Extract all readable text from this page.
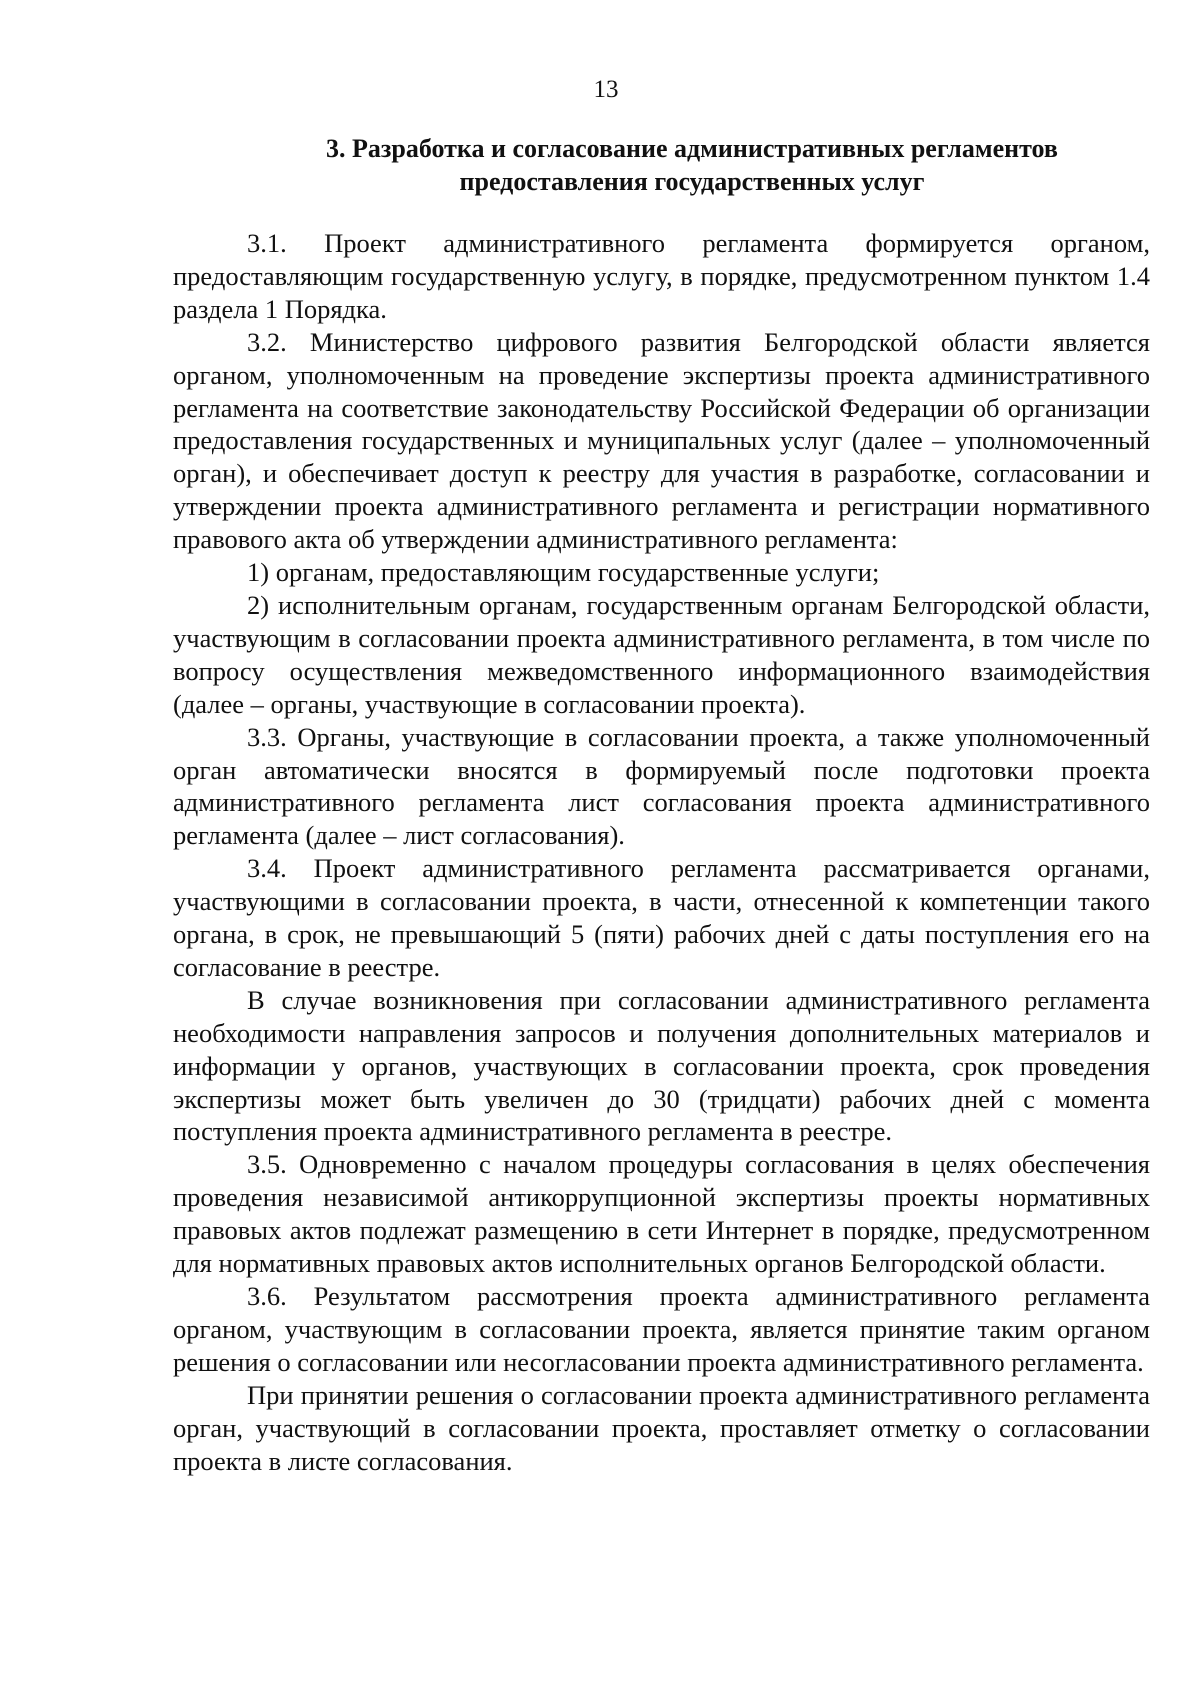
13
3. Разработка и согласование административных регламентов
предоставления государственных услуг

3.1. Проект административного регламента формируется органом, предоставляющим государственную услугу, в порядке, предусмотренном пунктом 1.4 раздела 1 Порядка.

3.2. Министерство цифрового развития Белгородской области является органом, уполномоченным на проведение экспертизы проекта административного регламента на соответствие законодательству Российской Федерации об организации предоставления государственных и муниципальных услуг (далее – уполномоченный орган), и обеспечивает доступ к реестру для участия в разработке, согласовании и утверждении проекта административного регламента и регистрации нормативного правового акта об утверждении административного регламента:

1) органам, предоставляющим государственные услуги;

2) исполнительным органам, государственным органам Белгородской области, участвующим в согласовании проекта административного регламента, в том числе по вопросу осуществления межведомственного информационного взаимодействия (далее – органы, участвующие в согласовании проекта).

3.3. Органы, участвующие в согласовании проекта, а также уполномоченный орган автоматически вносятся в формируемый после подготовки проекта административного регламента лист согласования проекта административного регламента (далее – лист согласования).

3.4. Проект административного регламента рассматривается органами, участвующими в согласовании проекта, в части, отнесенной к компетенции такого органа, в срок, не превышающий 5 (пяти) рабочих дней с даты поступления его на согласование в реестре.

В случае возникновения при согласовании административного регламента необходимости направления запросов и получения дополнительных материалов и информации у органов, участвующих в согласовании проекта, срок проведения экспертизы может быть увеличен до 30 (тридцати) рабочих дней с момента поступления проекта административного регламента в реестре.

3.5. Одновременно с началом процедуры согласования в целях обеспечения проведения независимой антикоррупционной экспертизы проекты нормативных правовых актов подлежат размещению в сети Интернет в порядке, предусмотренном для нормативных правовых актов исполнительных органов Белгородской области.

3.6. Результатом рассмотрения проекта административного регламента органом, участвующим в согласовании проекта, является принятие таким органом решения о согласовании или несогласовании проекта административного регламента.

При принятии решения о согласовании проекта административного регламента орган, участвующий в согласовании проекта, проставляет отметку о согласовании проекта в листе согласования.
